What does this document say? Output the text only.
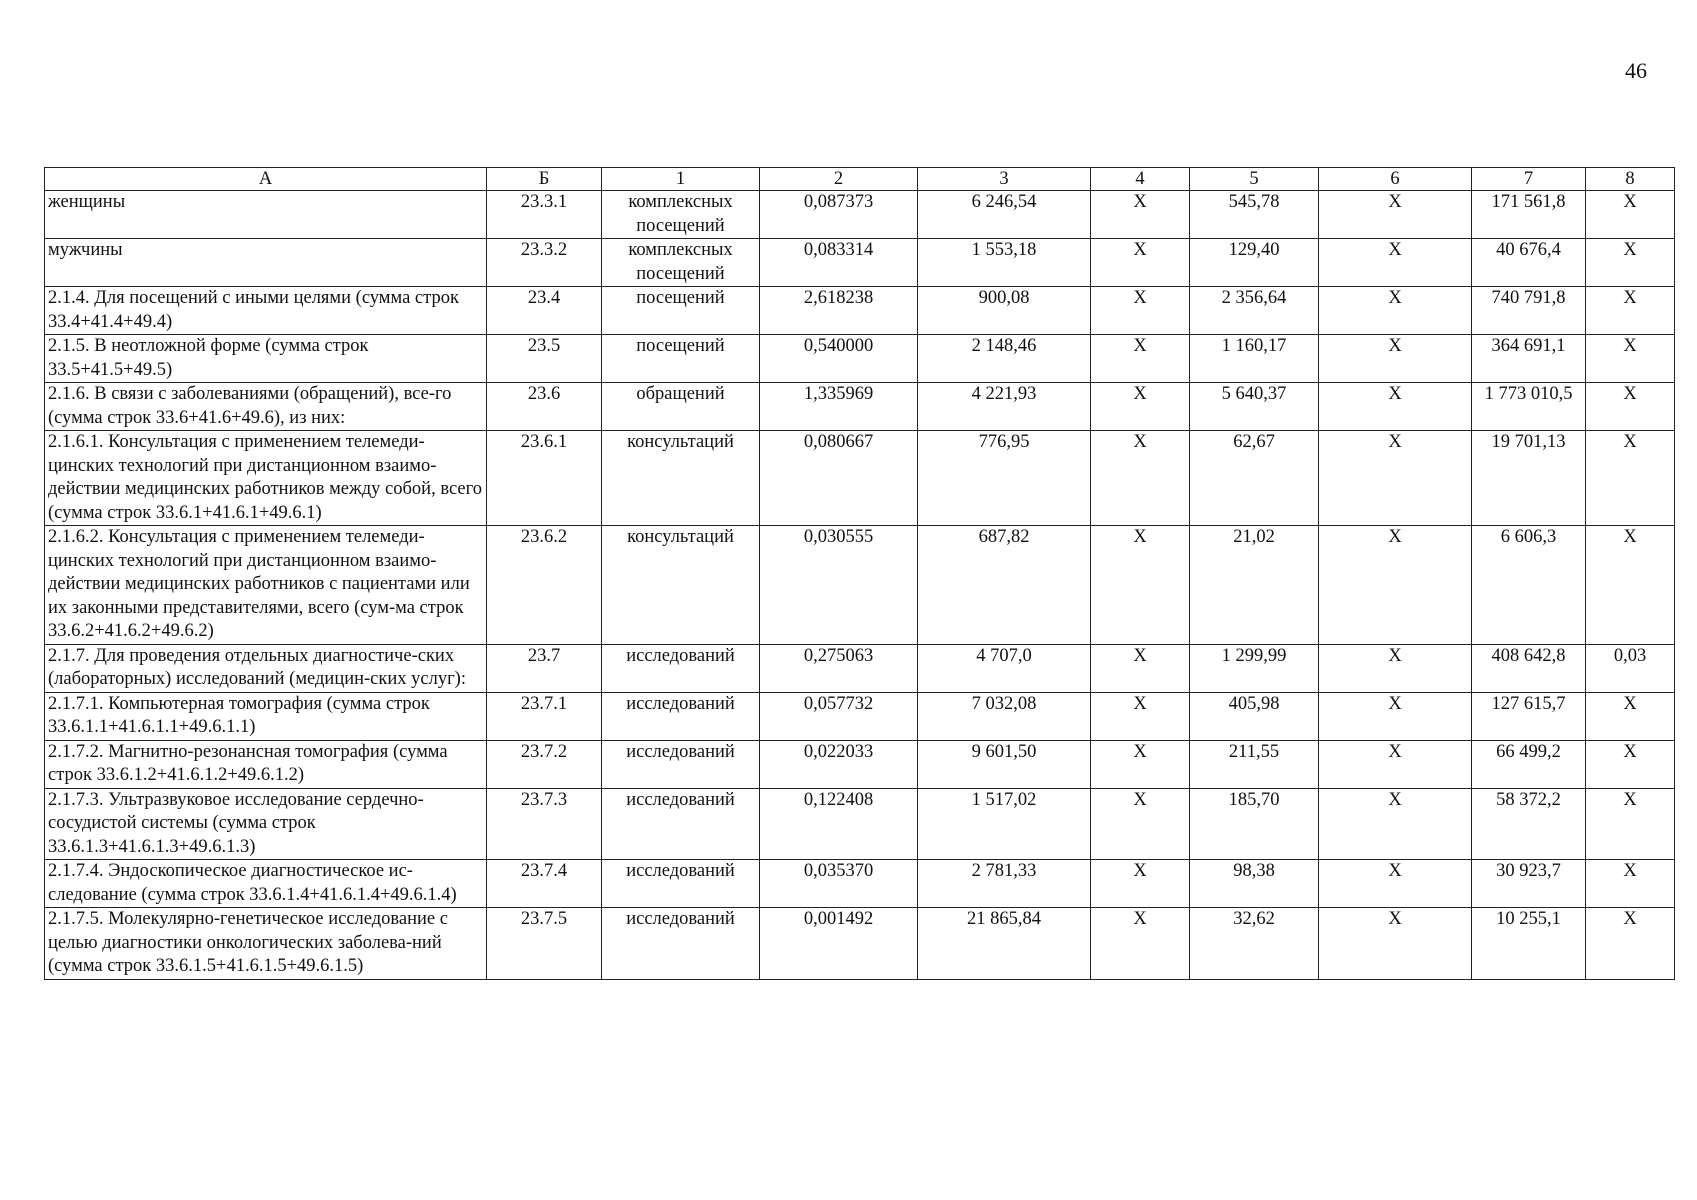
46
А	Б	1	2	3	4	5	6	7	8
женщины	23.3.1	комплексных посещений	0,087373	6 246,54	Х	545,78	Х	171 561,8	Х
мужчины	23.3.2	комплексных посещений	0,083314	1 553,18	Х	129,40	Х	40 676,4	Х
2.1.4. Для посещений с иными целями (сумма строк 33.4+41.4+49.4)	23.4	посещений	2,618238	900,08	Х	2 356,64	Х	740 791,8	Х
2.1.5. В неотложной форме (сумма строк 33.5+41.5+49.5)	23.5	посещений	0,540000	2 148,46	Х	1 160,17	Х	364 691,1	Х
2.1.6. В связи с заболеваниями (обращений), все-го (сумма строк 33.6+41.6+49.6), из них:	23.6	обращений	1,335969	4 221,93	Х	5 640,37	Х	1 773 010,5	Х
2.1.6.1. Консультация с применением телемеди-цинских технологий при дистанционном взаимо-действии медицинских работников между собой, всего (сумма строк 33.6.1+41.6.1+49.6.1)	23.6.1	консультаций	0,080667	776,95	Х	62,67	Х	19 701,13	Х
2.1.6.2. Консультация с применением телемеди-цинских технологий при дистанционном взаимо-действии медицинских работников с пациентами или их законными представителями, всего (сум-ма строк 33.6.2+41.6.2+49.6.2)	23.6.2	консультаций	0,030555	687,82	Х	21,02	Х	6 606,3	Х
2.1.7. Для проведения отдельных диагностиче-ских (лабораторных) исследований (медицин-ских услуг):	23.7	исследований	0,275063	4 707,0	Х	1 299,99	Х	408 642,8	0,03
2.1.7.1. Компьютерная томография (сумма строк 33.6.1.1+41.6.1.1+49.6.1.1)	23.7.1	исследований	0,057732	7 032,08	Х	405,98	Х	127 615,7	Х
2.1.7.2. Магнитно-резонансная томография (сумма строк 33.6.1.2+41.6.1.2+49.6.1.2)	23.7.2	исследований	0,022033	9 601,50	Х	211,55	Х	66 499,2	Х
2.1.7.3. Ультразвуковое исследование сердечно-сосудистой системы (сумма строк 33.6.1.3+41.6.1.3+49.6.1.3)	23.7.3	исследований	0,122408	1 517,02	Х	185,70	Х	58 372,2	Х
2.1.7.4. Эндоскопическое диагностическое ис-следование (сумма строк 33.6.1.4+41.6.1.4+49.6.1.4)	23.7.4	исследований	0,035370	2 781,33	Х	98,38	Х	30 923,7	Х
2.1.7.5. Молекулярно-генетическое исследование с целью диагностики онкологических заболева-ний (сумма строк 33.6.1.5+41.6.1.5+49.6.1.5)	23.7.5	исследований	0,001492	21 865,84	Х	32,62	Х	10 255,1	Х
